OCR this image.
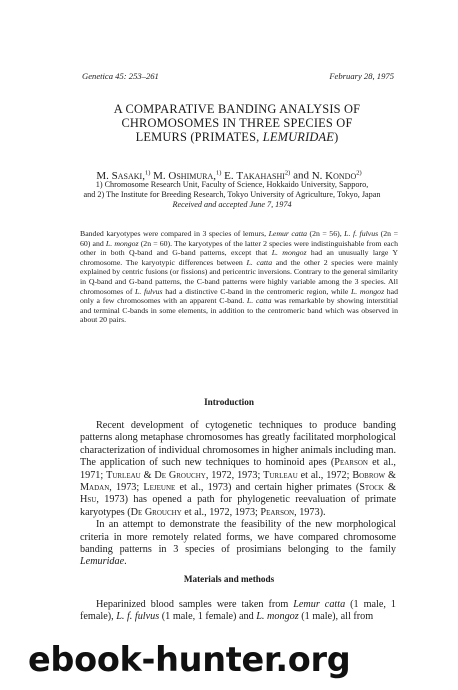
Genetica 45: 253–261	February 28, 1975
A COMPARATIVE BANDING ANALYSIS OF
CHROMOSOMES IN THREE SPECIES OF
LEMURS (PRIMATES, LEMURIDAE)
M. Sasaki,$^{1)}$ M. Oshimura,$^{1)}$ E. Takahashi$^{2)}$ and N. Kondo$^{2)}$
1) Chromosome Research Unit, Faculty of Science, Hokkaido University, Sapporo,
and 2) The Institute for Breeding Research, Tokyo University of Agriculture, Tokyo, Japan
Received and accepted June 7, 1974
Banded karyotypes were compared in 3 species of lemurs, Lemur catta (2n = 56), L. f. fulvus (2n = 60) and L. mongoz (2n = 60). The karyotypes of the latter 2 species were indistinguishable from each other in both Q-band and G-band patterns, except that L. mongoz had an unusually large Y chromosome. The karyotypic differences between L. catta and the other 2 species were mainly explained by centric fusions (or fissions) and pericentric inversions. Contrary to the general similarity in Q-band and G-band patterns, the C-band patterns were highly variable among the 3 species. All chromosomes of L. fulvus had a distinctive C-band in the centromeric region, while L. mongoz had only a few chromosomes with an apparent C-band. L. catta was remarkable by showing interstitial and terminal C-bands in some elements, in addition to the centromeric band which was observed in about 20 pairs.
Introduction

Recent development of cytogenetic techniques to produce banding patterns along metaphase chromosomes has greatly facilitated morphological characterization of individual chromosomes in higher animals including man. The application of such new techniques to hominoid apes (Pearson et al., 1971; Turleau & De Grouchy, 1972, 1973; Turleau et al., 1972; Bobrow & Madan, 1973; Lejeune et al., 1973) and certain higher primates (Stock & Hsu, 1973) has opened a path for phylogenetic reevaluation of primate karyotypes (De Grouchy et al., 1972, 1973; Pearson, 1973).

In an attempt to demonstrate the feasibility of the new morphological criteria in more remotely related forms, we have compared chromosome banding patterns in 3 species of prosimians belonging to the family Lemuridae.

Materials and methods

Heparinized blood samples were taken from Lemur catta (1 male, 1 female), L. f. fulvus (1 male, 1 female) and L. mongoz (1 male), all from

ebook-hunter.org
